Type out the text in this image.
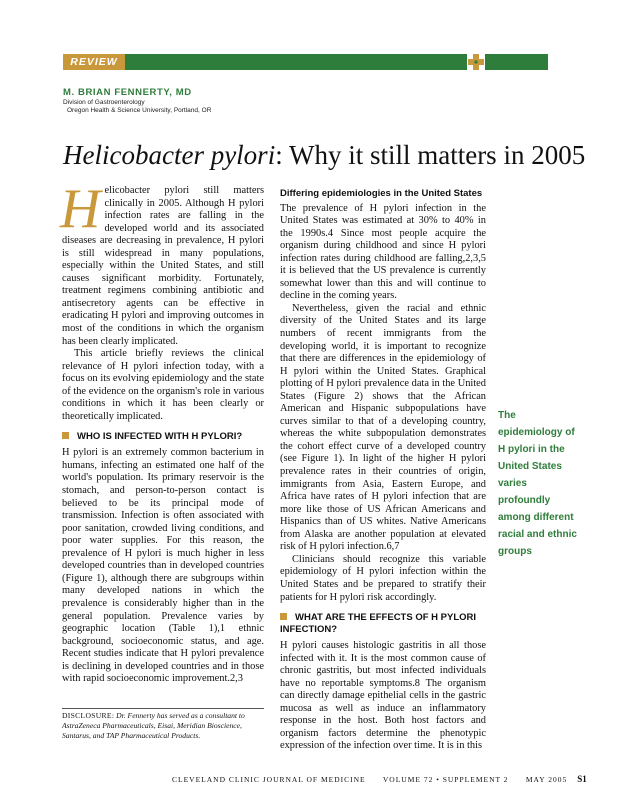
REVIEW
M. BRIAN FENNERTY, MD
Division of Gastroenterology
Oregon Health & Science University, Portland, OR
Helicobacter pylori: Why it still matters in 2005

Helicobacter pylori still matters clinically in 2005. Although H pylori infection rates are falling in the developed world and its associated diseases are decreasing in prevalence, H pylori is still widespread in many populations, especially within the United States, and still causes significant morbidity. Fortunately, treatment regimens combining antibiotic and antisecretory agents can be effective in eradicating H pylori and improving outcomes in most of the conditions in which the organism has been clearly implicated.

This article briefly reviews the clinical relevance of H pylori infection today, with a focus on its evolving epidemiology and the state of the evidence on the organism's role in various conditions in which it has been clearly or theoretically implicated.

WHO IS INFECTED WITH H PYLORI?

H pylori is an extremely common bacterium in humans, infecting an estimated one half of the world's population. Its primary reservoir is the stomach, and person-to-person contact is believed to be its principal mode of transmission. Infection is often associated with poor sanitation, crowded living conditions, and poor water supplies. For this reason, the prevalence of H pylori is much higher in less developed countries than in developed countries (Figure 1), although there are subgroups within many developed nations in which the prevalence is considerably higher than in the general population. Prevalence varies by geographic location (Table 1),1 ethnic background, socioeconomic status, and age. Recent studies indicate that H pylori prevalence is declining in developed countries and in those with rapid socioeconomic improvement.2,3

Differing epidemiologies in the United States

The prevalence of H pylori infection in the United States was estimated at 30% to 40% in the 1990s.4 Since most people acquire the organism during childhood and since H pylori infection rates during childhood are falling,2,3,5 it is believed that the US prevalence is currently somewhat lower than this and will continue to decline in the coming years.

Nevertheless, given the racial and ethnic diversity of the United States and its large numbers of recent immigrants from the developing world, it is important to recognize that there are differences in the epidemiology of H pylori within the United States. Graphical plotting of H pylori prevalence data in the United States (Figure 2) shows that the African American and Hispanic subpopulations have curves similar to that of a developing country, whereas the white subpopulation demonstrates the cohort effect curve of a developed country (see Figure 1). In light of the higher H pylori prevalence rates in their countries of origin, immigrants from Asia, Eastern Europe, and Africa have rates of H pylori infection that are more like those of US African Americans and Hispanics than of US whites. Native Americans from Alaska are another population at elevated risk of H pylori infection.6,7

Clinicians should recognize this variable epidemiology of H pylori infection within the United States and be prepared to stratify their patients for H pylori risk accordingly.

WHAT ARE THE EFFECTS OF H PYLORI INFECTION?

H pylori causes histologic gastritis in all those infected with it. It is the most common cause of chronic gastritis, but most infected individuals have no reportable symptoms.8 The organism can directly damage epithelial cells in the gastric mucosa as well as induce an inflammatory response in the host. Both host factors and organism factors determine the phenotypic expression of the infection over time. It is in this

The epidemiology of H pylori in the United States varies profoundly among different racial and ethnic groups
DISCLOSURE: Dr. Fennerty has served as a consultant to AstraZeneca Pharmaceuticals, Eisai, Meridian Bioscience, Santarus, and TAP Pharmaceutical Products.
CLEVELAND CLINIC JOURNAL OF MEDICINE VOLUME 72 • SUPPLEMENT 2 MAY 2005 S1
